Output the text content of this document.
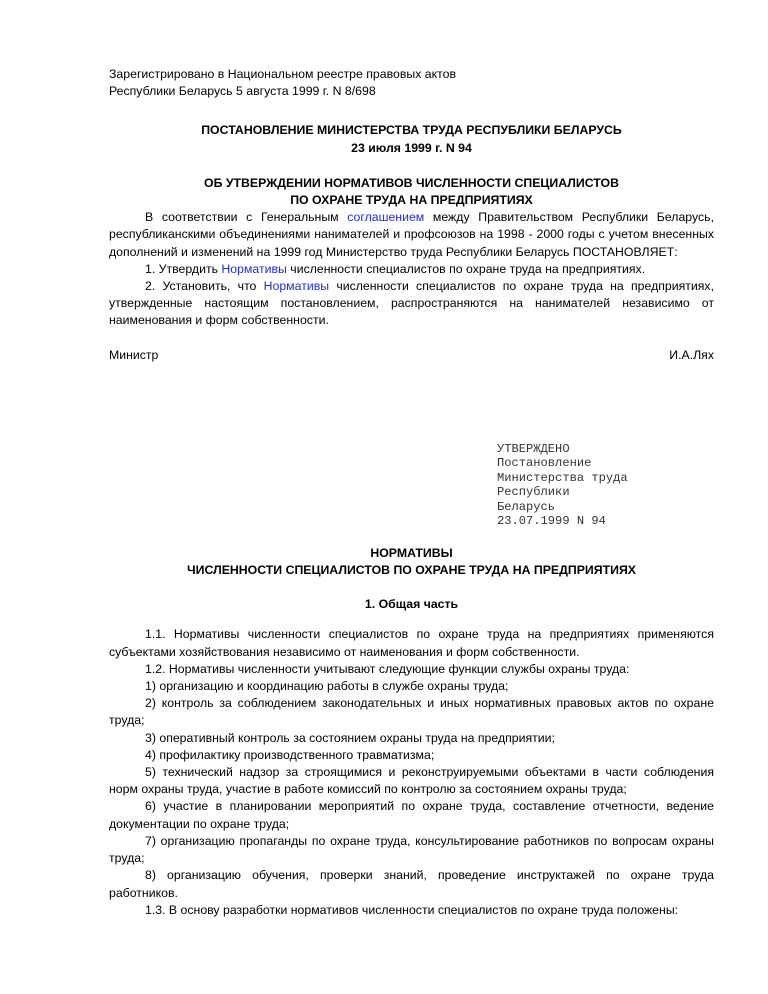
Зарегистрировано в Национальном реестре правовых актов

Республики Беларусь 5 августа 1999 г. N 8/698

ПОСТАНОВЛЕНИЕ МИНИСТЕРСТВА ТРУДА РЕСПУБЛИКИ БЕЛАРУСЬ
23 июля 1999 г. N 94
ОБ УТВЕРЖДЕНИИ НОРМАТИВОВ ЧИСЛЕННОСТИ СПЕЦИАЛИСТОВ
ПО ОХРАНЕ ТРУДА НА ПРЕДПРИЯТИЯХ

В соответствии с Генеральным соглашением между Правительством Республики Беларусь, республиканскими объединениями нанимателей и профсоюзов на 1998 - 2000 годы с учетом внесенных дополнений и изменений на 1999 год Министерство труда Республики Беларусь ПОСТАНОВЛЯЕТ:

1. Утвердить Нормативы численности специалистов по охране труда на предприятиях.

2. Установить, что Нормативы численности специалистов по охране труда на предприятиях, утвержденные настоящим постановлением, распространяются на нанимателей независимо от наименования и форм собственности.

Министр	И.А.Лях
УТВЕРЖДЕНО
Постановление
Министерства труда
Республики
Беларусь
23.07.1999 N 94
НОРМАТИВЫ
ЧИСЛЕННОСТИ СПЕЦИАЛИСТОВ ПО ОХРАНЕ ТРУДА НА ПРЕДПРИЯТИЯХ
1. Общая часть

1.1. Нормативы численности специалистов по охране труда на предприятиях применяются субъектами хозяйствования независимо от наименования и форм собственности.

1.2. Нормативы численности учитывают следующие функции службы охраны труда:

1) организацию и координацию работы в службе охраны труда;

2) контроль за соблюдением законодательных и иных нормативных правовых актов по охране труда;

3) оперативный контроль за состоянием охраны труда на предприятии;

4) профилактику производственного травматизма;

5) технический надзор за строящимися и реконструируемыми объектами в части соблюдения норм охраны труда, участие в работе комиссий по контролю за состоянием охраны труда;

6) участие в планировании мероприятий по охране труда, составление отчетности, ведение документации по охране труда;

7) организацию пропаганды по охране труда, консультирование работников по вопросам охраны труда;

8) организацию обучения, проверки знаний, проведение инструктажей по охране труда работников.

1.3. В основу разработки нормативов численности специалистов по охране труда положены:
